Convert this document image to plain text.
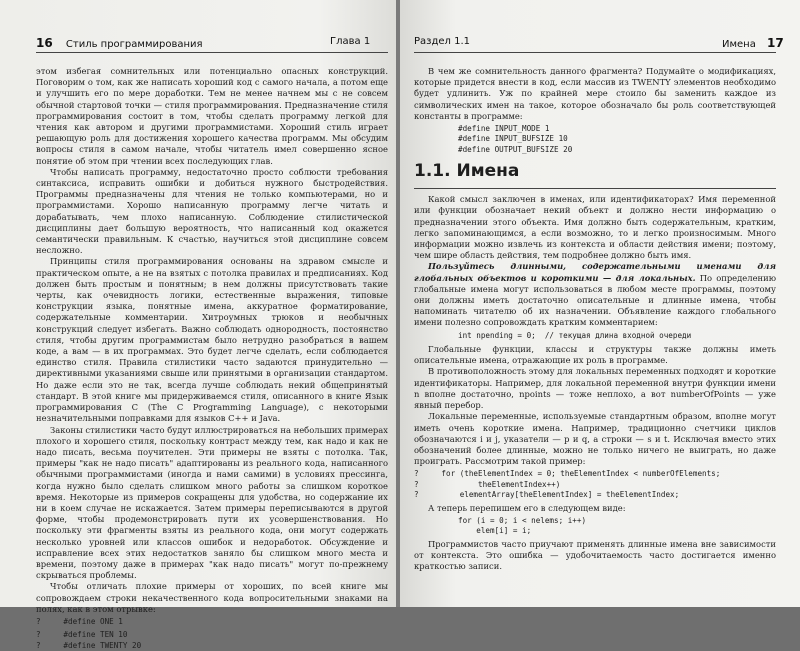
16 Стиль программирования	Глава 1

этом избегая сомнительных или потенциально опасных конструкций. Поговорим о том, как же написать хороший код с самого начала, а потом еще и улучшить его по мере доработки. Тем не менее начнем мы с не совсем обычной стартовой точки — стиля программирования. Предназначение стиля программирования состоит в том, чтобы сделать программу легкой для чтения как автором и другими программистами. Хороший стиль играет решающую роль для достижения хорошего качества программ. Мы обсудим вопросы стиля в самом начале, чтобы читатель имел совершенно ясное понятие об этом при чтении всех последующих глав.

Чтобы написать программу, недостаточно просто соблюсти требования синтаксиса, исправить ошибки и добиться нужного быстродействия. Программы предназначены для чтения не только компьютерами, но и программистами. Хорошо написанную программу легче читать и дорабатывать, чем плохо написанную. Соблюдение стилистической дисциплины дает большую вероятность, что написанный код окажется семантически правильным. К счастью, научиться этой дисциплине совсем несложно.

Принципы стиля программирования основаны на здравом смысле и практическом опыте, а не на взятых с потолка правилах и предписаниях. Код должен быть простым и понятным; в нем должны присутствовать такие черты, как очевидность логики, естественные выражения, типовые конструкции языка, понятные имена, аккуратное форматирование, содержательные комментарии. Хитроумных трюков и необычных конструкций следует избегать. Важно соблюдать однородность, постоянство стиля, чтобы другим программистам было нетрудно разобраться в вашем коде, а вам — в их программах. Это будет легче сделать, если соблюдается единство стиля. Правила стилистики часто задаются принудительно — директивными указаниями свыше или принятыми в организации стандартом. Но даже если это не так, всегда лучше соблюдать некий общепринятый стандарт. В этой книге мы придерживаемся стиля, описанного в книге Язык программирования C (The C Programming Language), с некоторыми незначительными поправками для языков C++ и Java.

Законы стилистики часто будут иллюстрироваться на небольших примерах плохого и хорошего стиля, поскольку контраст между тем, как надо и как не надо писать, весьма поучителен. Эти примеры не взяты с потолка. Так, примеры "как не надо писать" адаптированы из реального кода, написанного обычными программистами (иногда и нами самими) в условиях прессинга, когда нужно было сделать слишком много работы за слишком короткое время. Некоторые из примеров сокращены для удобства, но содержание их ни в коем случае не искажается. Затем примеры переписываются в другой форме, чтобы продемонстрировать пути их усовершенствования. Но поскольку эти фрагменты взяты из реального кода, они могут содержать несколько уровней или классов ошибок и недоработок. Обсуждение и исправление всех этих недостатков заняло бы слишком много места и времени, поэтому даже в примерах "как надо писать" могут по-прежнему скрываться проблемы.

Чтобы отличать плохие примеры от хороших, по всей книге мы сопровождаем строки некачественного кода вопросительными знаками на полях, как в этом отрывке:

?     #define ONE 1
?     #define TEN 10
?     #define TWENTY 20
Раздел 1.1	Имена 17

В чем же сомнительность данного фрагмента? Подумайте о модификациях, которые придется внести в код, если массив из TWENTY элементов необходимо будет удлинить. Уж по крайней мере стоило бы заменить каждое из символических имен на такое, которое обозначало бы роль соответствующей константы в программе:

#define INPUT_MODE 1
#define INPUT_BUFSIZE 10
#define OUTPUT_BUFSIZE 20
1.1. Имена

Какой смысл заключен в именах, или идентификаторах? Имя переменной или функции обозначает некий объект и должно нести информацию о предназначении этого объекта. Имя должно быть содержательным, кратким, легко запоминающимся, а если возможно, то и легко произносимым. Много информации можно извлечь из контекста и области действия имени; поэтому, чем шире область действия, тем подробнее должно быть имя.

Пользуйтесь длинными, содержательными именами для глобальных объектов и короткими — для локальных. По определению глобальные имена могут использоваться в любом месте программы, поэтому они должны иметь достаточно описательные и длинные имена, чтобы напоминать читателю об их назначении. Объявление каждого глобального имени полезно сопровождать кратким комментарием:

int npending = 0;  // текущая длина входной очереди

Глобальные функции, классы и структуры также должны иметь описательные имена, отражающие их роль в программе.

В противоположность этому для локальных переменных подходят и короткие идентификаторы. Например, для локальной переменной внутри функции имени n вполне достаточно, npoints — тоже неплохо, а вот numberOfPoints — уже явный перебор.

Локальные переменные, используемые стандартным образом, вполне могут иметь очень короткие имена. Например, традиционно счетчики циклов обозначаются i и j, указатели — p и q, а строки — s и t. Исключая вместо этих обозначений более длинные, можно не только ничего не выиграть, но даже проиграть. Рассмотрим такой пример:

?     for (theElementIndex = 0; theElementIndex < numberOfElements;
?             theElementIndex++)
?         elementArray[theElementIndex] = theElementIndex;

А теперь перепишем его в следующем виде:

for (i = 0; i < nelems; i++)
elem[i] = i;

Программистов часто приучают применять длинные имена вне зависимости от контекста. Это ошибка — удобочитаемость часто достигается именно краткостью записи.
